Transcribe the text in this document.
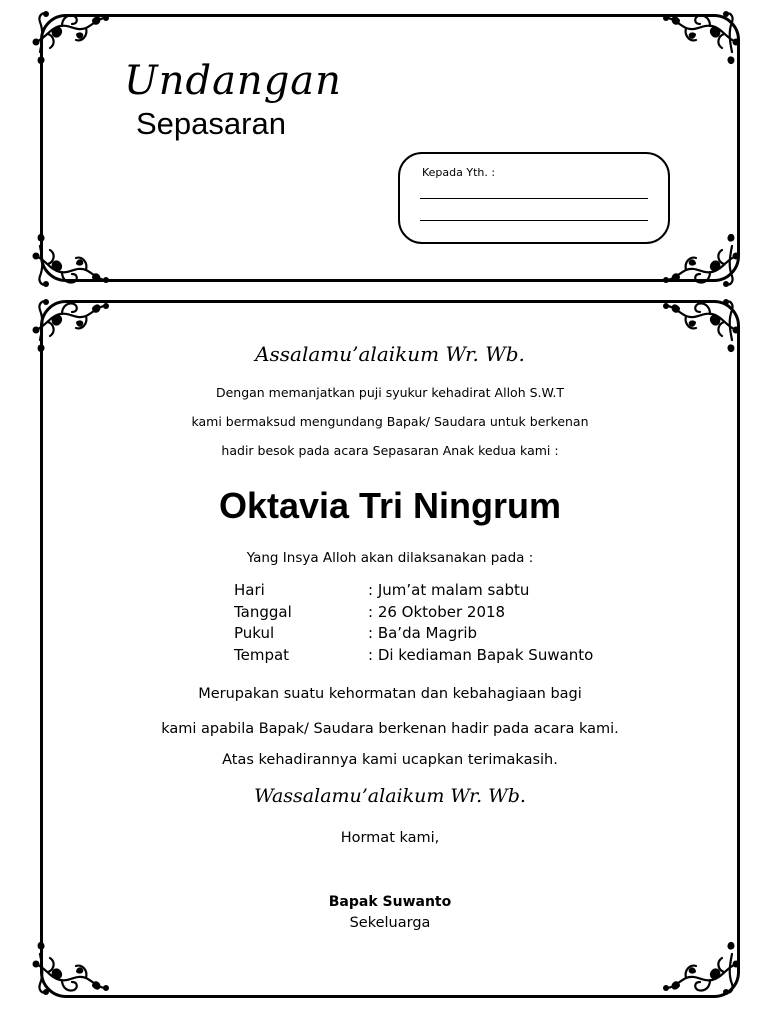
Undangan
Sepasaran
Kepada Yth. :
Assalamu’alaikum Wr. Wb.
Dengan memanjatkan puji syukur kehadirat Alloh S.W.T
kami bermaksud mengundang Bapak/ Saudara untuk berkenan
hadir besok pada acara Sepasaran Anak kedua kami :
Oktavia Tri Ningrum
Yang Insya Alloh akan dilaksanakan pada :
Hari	: Jum’at malam sabtu
Tanggal	: 26 Oktober 2018
Pukul	: Ba’da Magrib
Tempat	: Di kediaman Bapak Suwanto
Merupakan suatu kehormatan dan kebahagiaan bagi
kami apabila Bapak/ Saudara berkenan hadir pada acara kami.
Atas kehadirannya kami ucapkan terimakasih.
Wassalamu’alaikum Wr. Wb.
Hormat kami,
Bapak Suwanto
Sekeluarga
